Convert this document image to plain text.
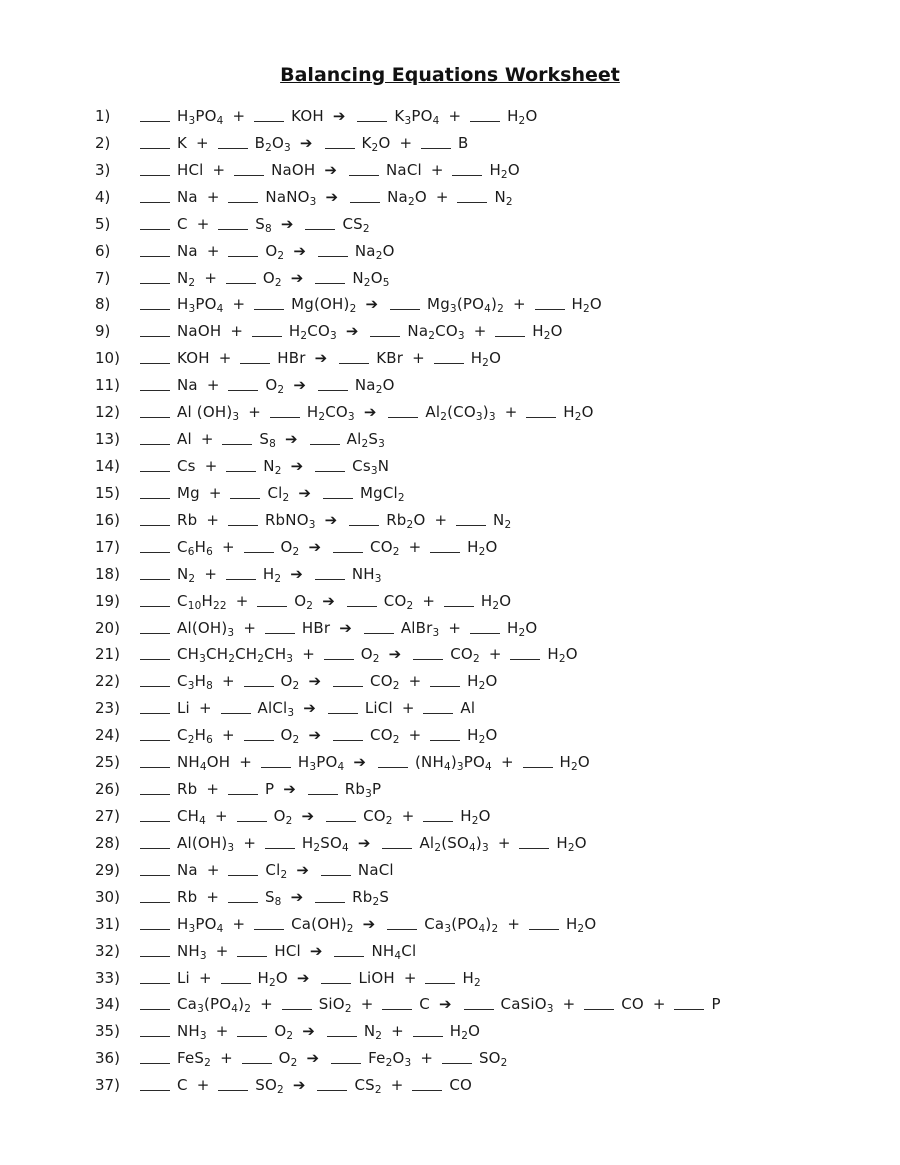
Balancing Equations Worksheet
1)	$H_3PO_4$ +	KOH ➔	$K_3PO_4$ +	$H_2O$
2)	K +	$B_2O_3$ ➔	$K_2O$ +	B
3)	HCl +	NaOH ➔	NaCl +	$H_2O$
4)	Na +	NaNO$_3$ ➔	$Na_2O$ +	$N_2$
5)	C +	$S_8$ ➔	$CS_2$
6)	Na +	$O_2$ ➔	$Na_2O$
7)	$N_2$ +	$O_2$ ➔	$N_2O_5$
8)	$H_3PO_4$ +	$Mg(OH)_2$ ➔	$Mg_3(PO_4)_2$ +	$H_2O$
9)	NaOH +	$H_2CO_3$ ➔	$Na_2CO_3$ +	$H_2O$
10)	KOH +	HBr ➔	KBr +	$H_2O$
11)	Na +	$O_2$ ➔	$Na_2O$
12)	Al $(OH)_3$ +	$H_2CO_3$ ➔	$Al_2(CO_3)_3$ +	$H_2O$
13)	Al +	$S_8$ ➔	$Al_2S_3$
14)	Cs +	$N_2$ ➔	$Cs_3N$
15)	Mg +	$Cl_2$ ➔	MgCl$_2$
16)	Rb +	RbNO$_3$ ➔	$Rb_2O$ +	$N_2$
17)	$C_6H_6$ +	$O_2$ ➔	$CO_2$ +	$H_2O$
18)	$N_2$ +	$H_2$ ➔	$NH_3$
19)	$C_{10}H_{22}$ +	$O_2$ ➔	$CO_2$ +	$H_2O$
20)	$Al(OH)_3$ +	HBr ➔	AlBr$_3$ +	$H_2O$
21)	$CH_3CH_2CH_2CH_3$ +	$O_2$ ➔	$CO_2$ +	$H_2O$
22)	$C_3H_8$ +	$O_2$ ➔	$CO_2$ +	$H_2O$
23)	Li +	AlCl$_3$ ➔	LiCl +	Al
24)	$C_2H_6$ +	$O_2$ ➔	$CO_2$ +	$H_2O$
25)	$NH_4OH$ +	$H_3PO_4$ ➔	$(NH_4)_3PO_4$ +	$H_2O$
26)	Rb +	P ➔	$Rb_3P$
27)	$CH_4$ +	$O_2$ ➔	$CO_2$ +	$H_2O$
28)	$Al(OH)_3$ +	$H_2SO_4$ ➔	$Al_2(SO_4)_3$ +	$H_2O$
29)	Na +	$Cl_2$ ➔	NaCl
30)	Rb +	$S_8$ ➔	$Rb_2S$
31)	$H_3PO_4$ +	$Ca(OH)_2$ ➔	$Ca_3(PO_4)_2$ +	$H_2O$
32)	$NH_3$ +	HCl ➔	$NH_4Cl$
33)	Li +	$H_2O$ ➔	LiOH +	$H_2$
34)	$Ca_3(PO_4)_2$ +	SiO$_2$ +	C ➔	CaSiO$_3$ +	CO +	P
35)	$NH_3$ +	$O_2$ ➔	$N_2$ +	$H_2O$
36)	FeS$_2$ +	$O_2$ ➔	$Fe_2O_3$ +	$SO_2$
37)	C +	$SO_2$ ➔	$CS_2$ +	CO
